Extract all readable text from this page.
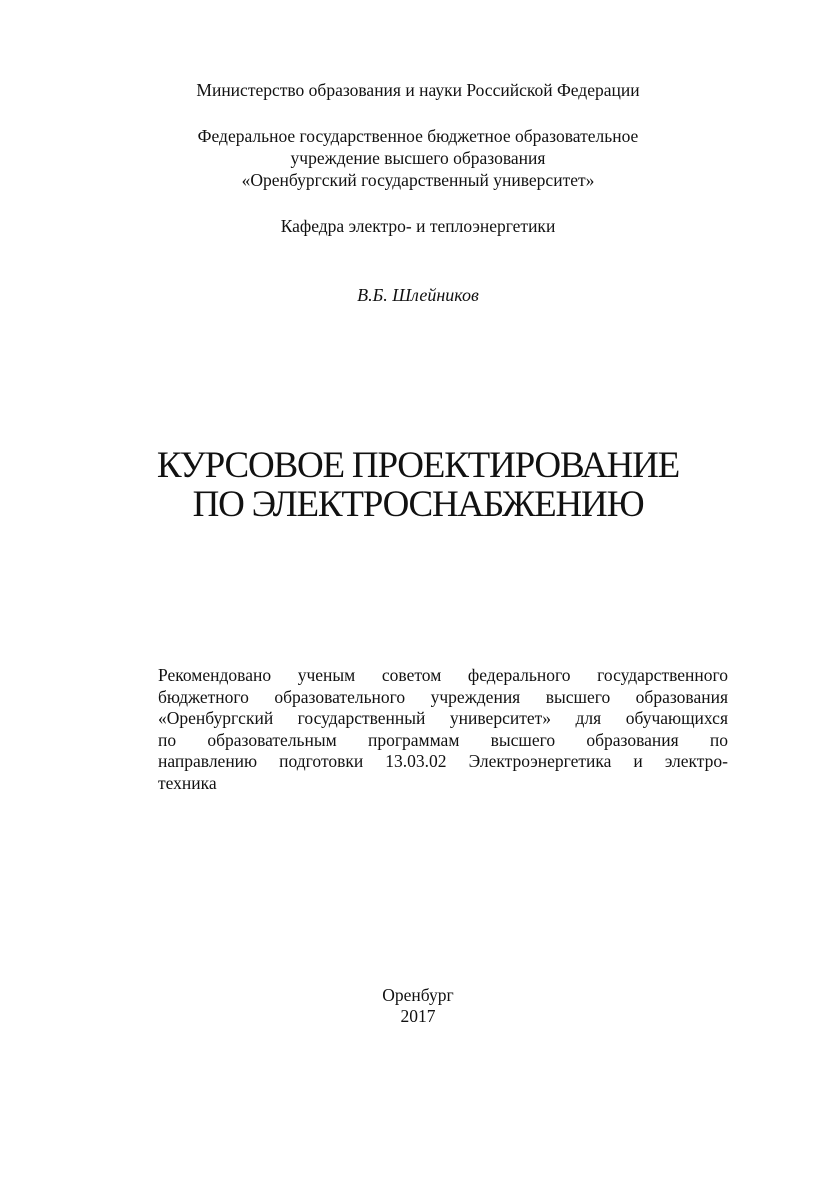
Министерство образования и науки Российской Федерации
Федеральное государственное бюджетное образовательное
учреждение высшего образования
«Оренбургский государственный университет»
Кафедра электро- и теплоэнергетики
В.Б. Шлейников
КУРСОВОЕ ПРОЕКТИРОВАНИЕ
ПО ЭЛЕКТРОСНАБЖЕНИЮ
Рекомендовано ученым советом федерального государственного
бюджетного образовательного учреждения высшего образования
«Оренбургский государственный университет» для обучающихся
по образовательным программам высшего образования по
направлению подготовки 13.03.02 Электроэнергетика и электро-
техника
Оренбург
2017
